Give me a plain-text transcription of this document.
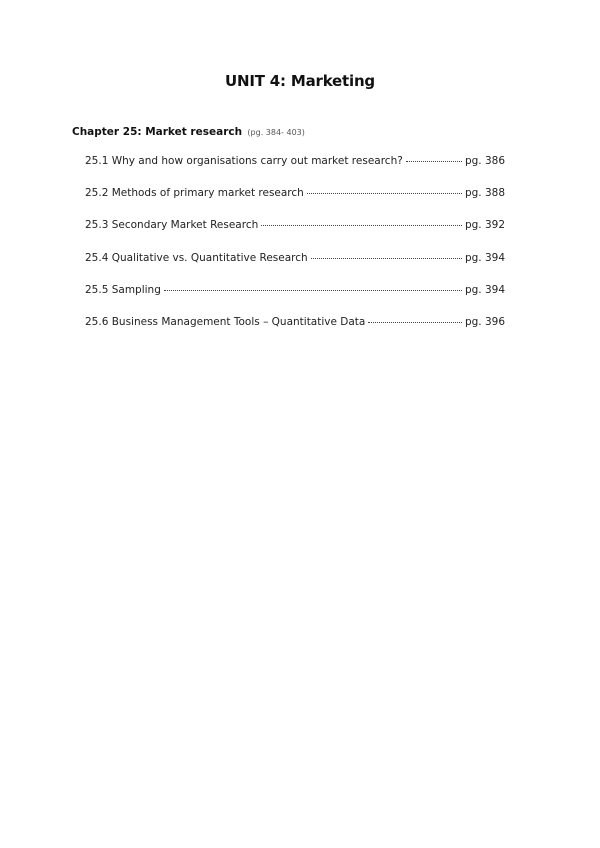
UNIT 4: Marketing
Chapter 25: Market research (pg. 384- 403)
25.1 Why and how organisations carry out market research?	pg. 386
25.2 Methods of primary market research	pg. 388
25.3 Secondary Market Research	pg. 392
25.4 Qualitative vs. Quantitative Research	pg. 394
25.5 Sampling	pg. 394
25.6 Business Management Tools – Quantitative Data	pg. 396
